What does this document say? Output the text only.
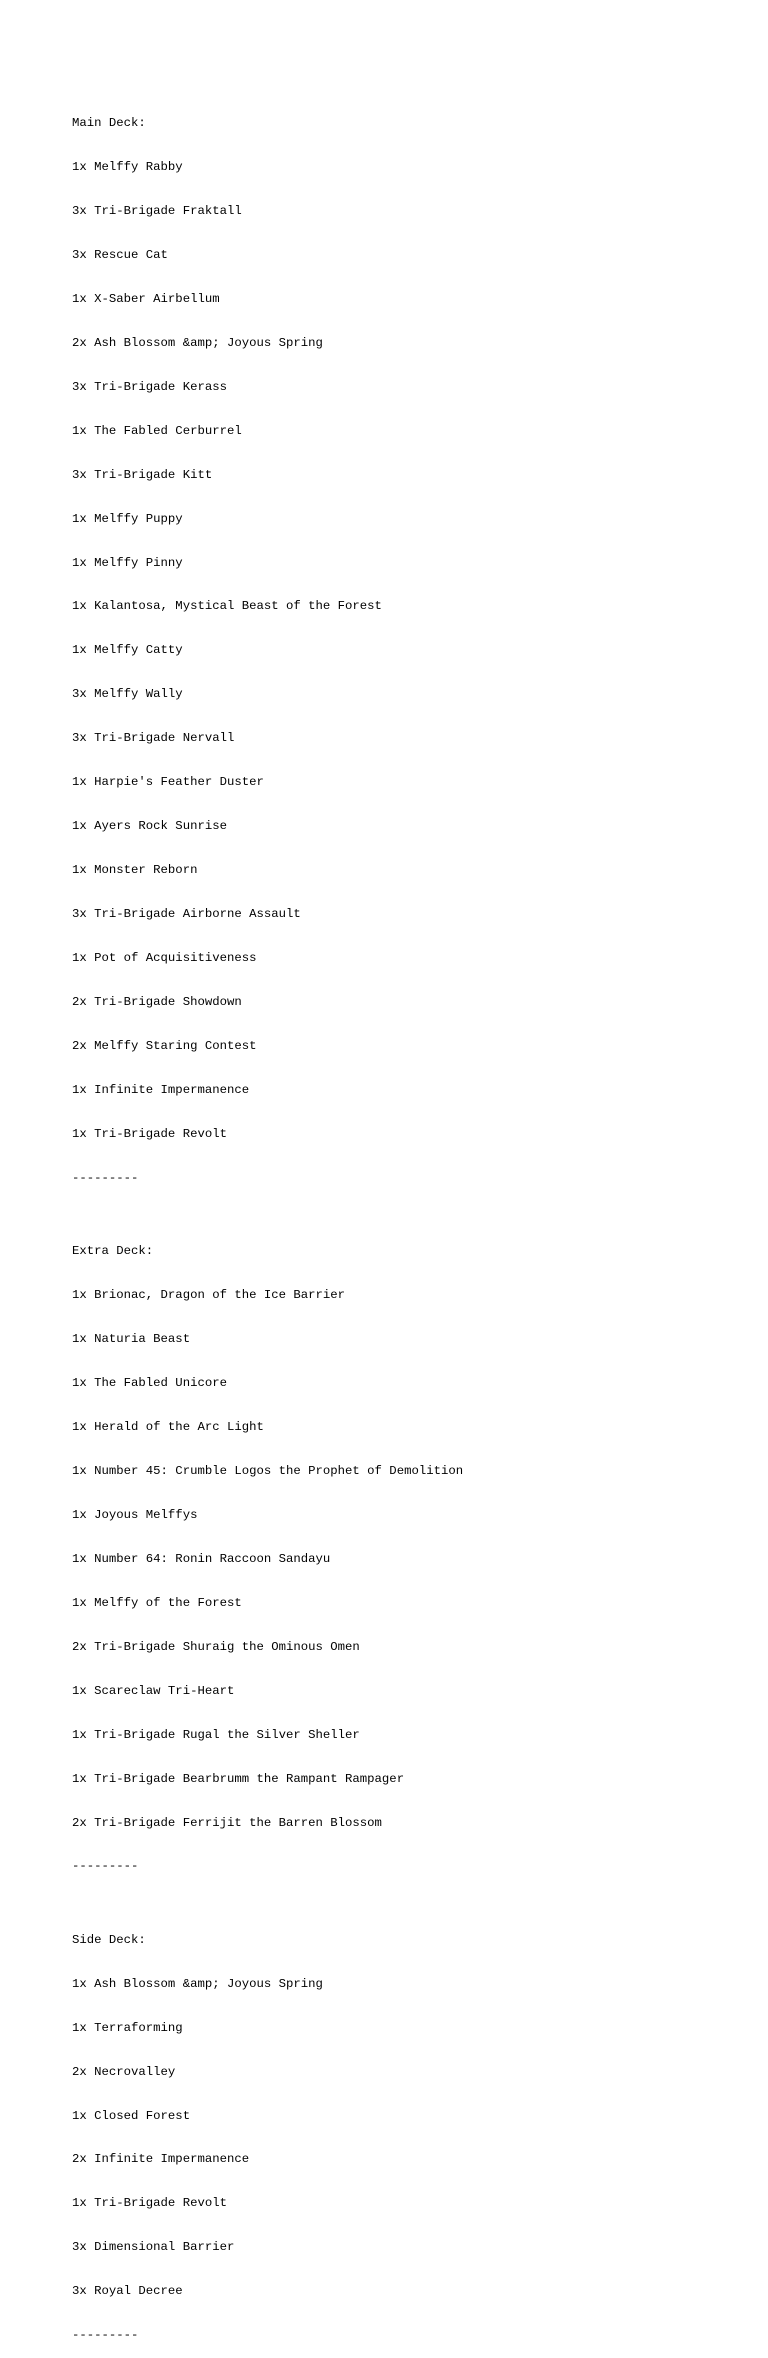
Main Deck:

1x Melffy Rabby

3x Tri-Brigade Fraktall

3x Rescue Cat

1x X-Saber Airbellum

2x Ash Blossom &amp; Joyous Spring

3x Tri-Brigade Kerass

1x The Fabled Cerburrel

3x Tri-Brigade Kitt

1x Melffy Puppy

1x Melffy Pinny

1x Kalantosa, Mystical Beast of the Forest

1x Melffy Catty

3x Melffy Wally

3x Tri-Brigade Nervall

1x Harpie's Feather Duster

1x Ayers Rock Sunrise

1x Monster Reborn

3x Tri-Brigade Airborne Assault

1x Pot of Acquisitiveness

2x Tri-Brigade Showdown

2x Melffy Staring Contest

1x Infinite Impermanence

1x Tri-Brigade Revolt

---------

Extra Deck:

1x Brionac, Dragon of the Ice Barrier

1x Naturia Beast

1x The Fabled Unicore

1x Herald of the Arc Light

1x Number 45: Crumble Logos the Prophet of Demolition

1x Joyous Melffys

1x Number 64: Ronin Raccoon Sandayu

1x Melffy of the Forest

2x Tri-Brigade Shuraig the Ominous Omen

1x Scareclaw Tri-Heart

1x Tri-Brigade Rugal the Silver Sheller

1x Tri-Brigade Bearbrumm the Rampant Rampager

2x Tri-Brigade Ferrijit the Barren Blossom

---------

Side Deck:

1x Ash Blossom &amp; Joyous Spring

1x Terraforming

2x Necrovalley

1x Closed Forest

2x Infinite Impermanence

1x Tri-Brigade Revolt

3x Dimensional Barrier

3x Royal Decree

---------
